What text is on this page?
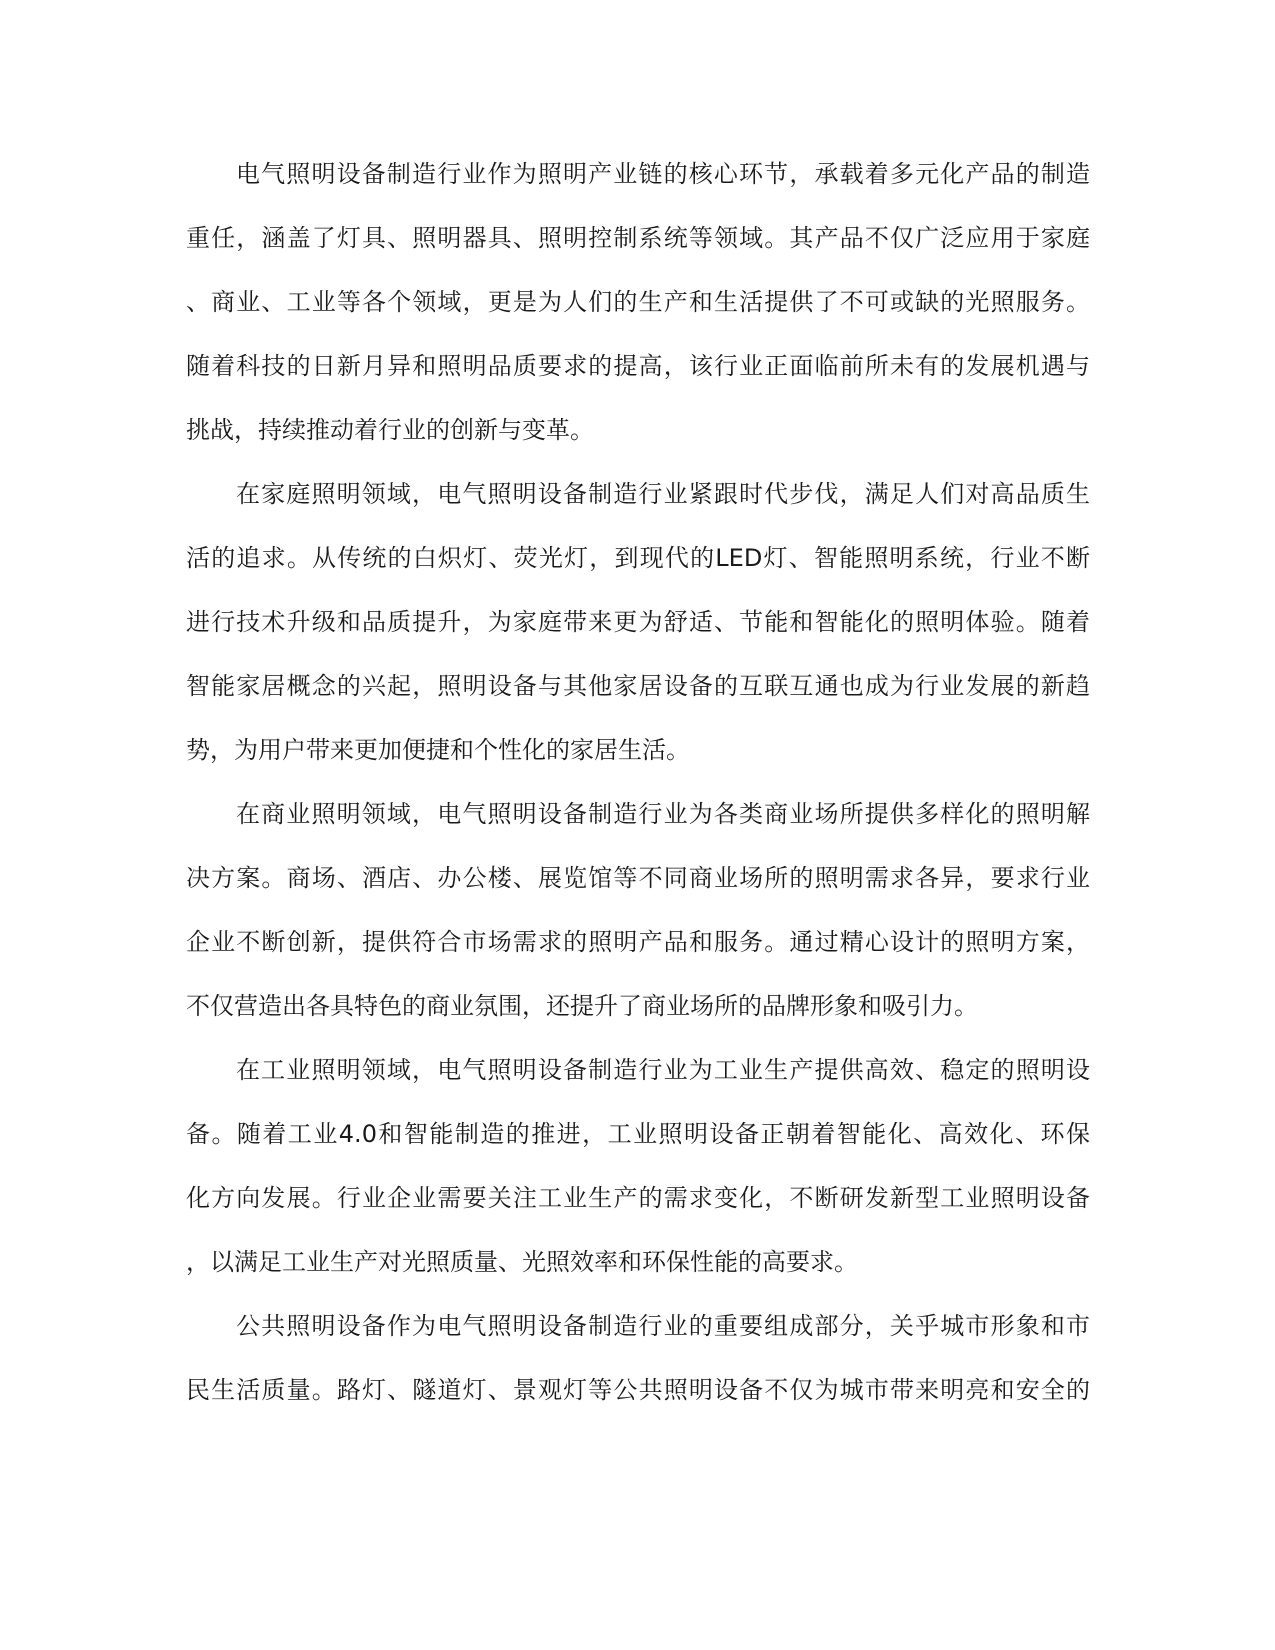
电气照明设备制造行业作为照明产业链的核心环节，承载着多元化产品的制造
重任，涵盖了灯具、照明器具、照明控制系统等领域。其产品不仅广泛应用于家庭
、商业、工业等各个领域，更是为人们的生产和生活提供了不可或缺的光照服务。
随着科技的日新月异和照明品质要求的提高，该行业正面临前所未有的发展机遇与
挑战，持续推动着行业的创新与变革。
在家庭照明领域，电气照明设备制造行业紧跟时代步伐，满足人们对高品质生
活的追求。从传统的白炽灯、荧光灯，到现代的LED灯、智能照明系统，行业不断
进行技术升级和品质提升，为家庭带来更为舒适、节能和智能化的照明体验。随着
智能家居概念的兴起，照明设备与其他家居设备的互联互通也成为行业发展的新趋
势，为用户带来更加便捷和个性化的家居生活。
在商业照明领域，电气照明设备制造行业为各类商业场所提供多样化的照明解
决方案。商场、酒店、办公楼、展览馆等不同商业场所的照明需求各异，要求行业
企业不断创新，提供符合市场需求的照明产品和服务。通过精心设计的照明方案，
不仅营造出各具特色的商业氛围，还提升了商业场所的品牌形象和吸引力。
在工业照明领域，电气照明设备制造行业为工业生产提供高效、稳定的照明设
备。随着工业4.0和智能制造的推进，工业照明设备正朝着智能化、高效化、环保
化方向发展。行业企业需要关注工业生产的需求变化，不断研发新型工业照明设备
，以满足工业生产对光照质量、光照效率和环保性能的高要求。
公共照明设备作为电气照明设备制造行业的重要组成部分，关乎城市形象和市
民生活质量。路灯、隧道灯、景观灯等公共照明设备不仅为城市带来明亮和安全的
